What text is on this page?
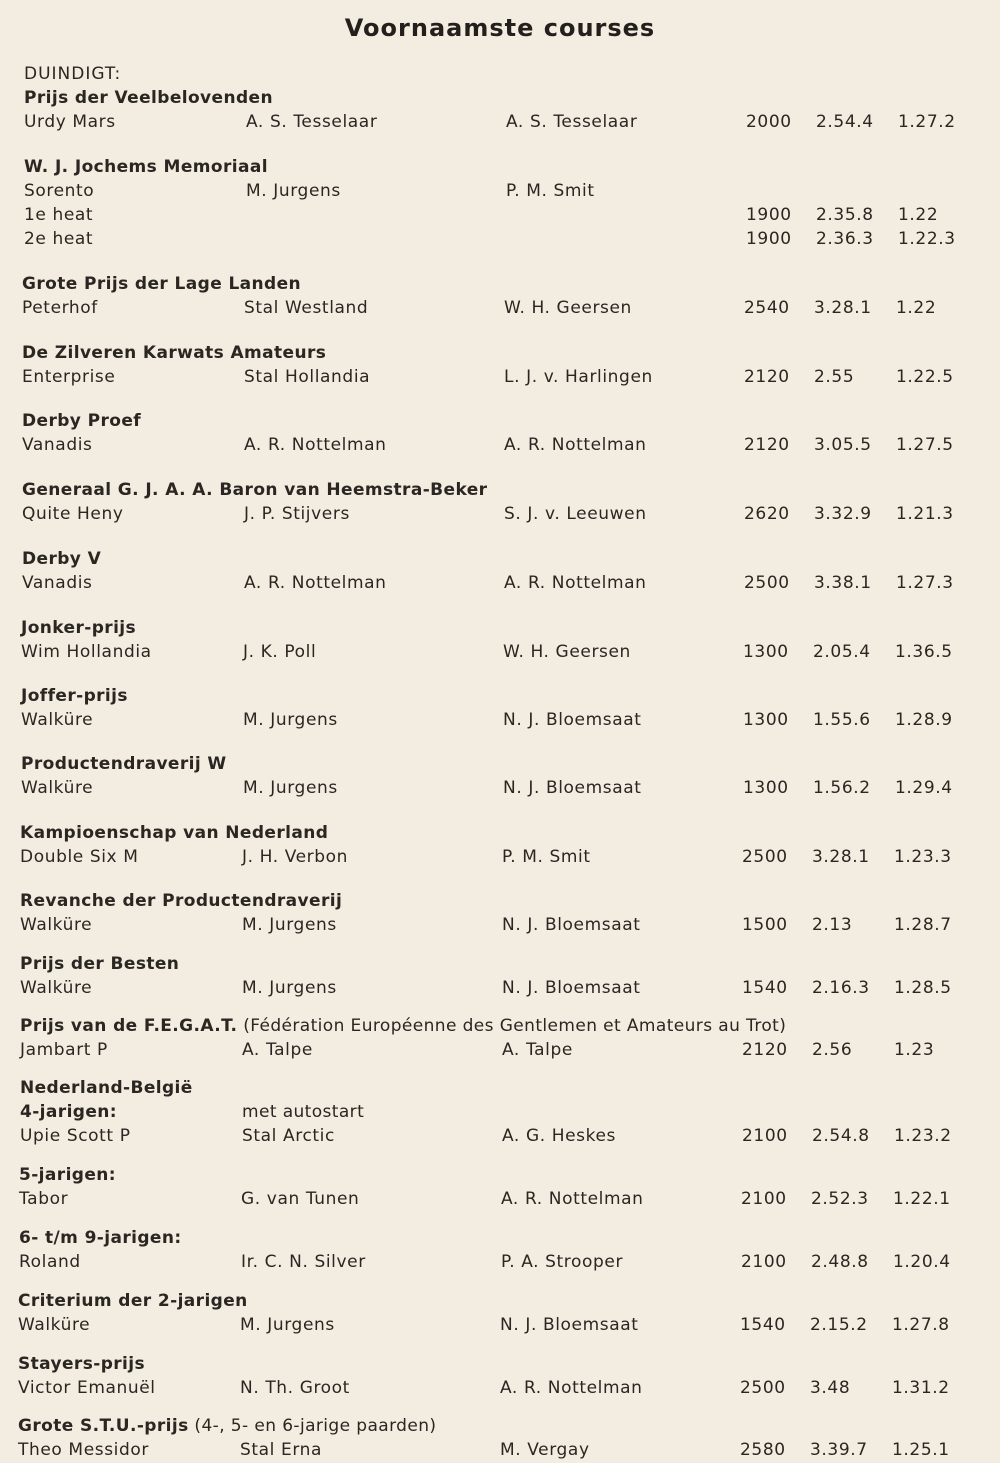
Voornaamste courses
DUINDIGT:
Prijs der Veelbelovenden
Urdy Mars	A. S. Tesselaar	A. S. Tesselaar	2000 2.54.4 1.27.2
W. J. Jochems Memoriaal
Sorento	M. Jurgens	P. M. Smit
1e heat	1900 2.35.8 1.22
2e heat	1900 2.36.3 1.22.3
Grote Prijs der Lage Landen
Peterhof	Stal Westland	W. H. Geersen	2540 3.28.1 1.22
De Zilveren Karwats Amateurs
Enterprise	Stal Hollandia	L. J. v. Harlingen	2120 2.55 1.22.5
Derby Proef
Vanadis	A. R. Nottelman	A. R. Nottelman	2120 3.05.5 1.27.5
Generaal G. J. A. A. Baron van Heemstra-Beker
Quite Heny	J. P. Stijvers	S. J. v. Leeuwen	2620 3.32.9 1.21.3
Derby V
Vanadis	A. R. Nottelman	A. R. Nottelman	2500 3.38.1 1.27.3
Jonker-prijs
Wim Hollandia	J. K. Poll	W. H. Geersen	1300 2.05.4 1.36.5
Joffer-prijs
Walküre	M. Jurgens	N. J. Bloemsaat	1300 1.55.6 1.28.9
Productendraverij W
Walküre	M. Jurgens	N. J. Bloemsaat	1300 1.56.2 1.29.4
Kampioenschap van Nederland
Double Six M	J. H. Verbon	P. M. Smit	2500 3.28.1 1.23.3
Revanche der Productendraverij
Walküre	M. Jurgens	N. J. Bloemsaat	1500 2.13 1.28.7
Prijs der Besten
Walküre	M. Jurgens	N. J. Bloemsaat	1540 2.16.3 1.28.5
Prijs van de F.E.G.A.T. (Fédération Européenne des Gentlemen et Amateurs au Trot)
Jambart P	A. Talpe	A. Talpe	2120 2.56 1.23
Nederland-België
4-jarigen:	met autostart
Upie Scott P	Stal Arctic	A. G. Heskes	2100 2.54.8 1.23.2
5-jarigen:
Tabor	G. van Tunen	A. R. Nottelman	2100 2.52.3 1.22.1
6- t/m 9-jarigen:
Roland	Ir. C. N. Silver	P. A. Strooper	2100 2.48.8 1.20.4
Criterium der 2-jarigen
Walküre	M. Jurgens	N. J. Bloemsaat	1540 2.15.2 1.27.8
Stayers-prijs
Victor Emanuël	N. Th. Groot	A. R. Nottelman	2500 3.48 1.31.2
Grote S.T.U.-prijs (4-, 5- en 6-jarige paarden)
Theo Messidor	Stal Erna	M. Vergay	2580 3.39.7 1.25.1
